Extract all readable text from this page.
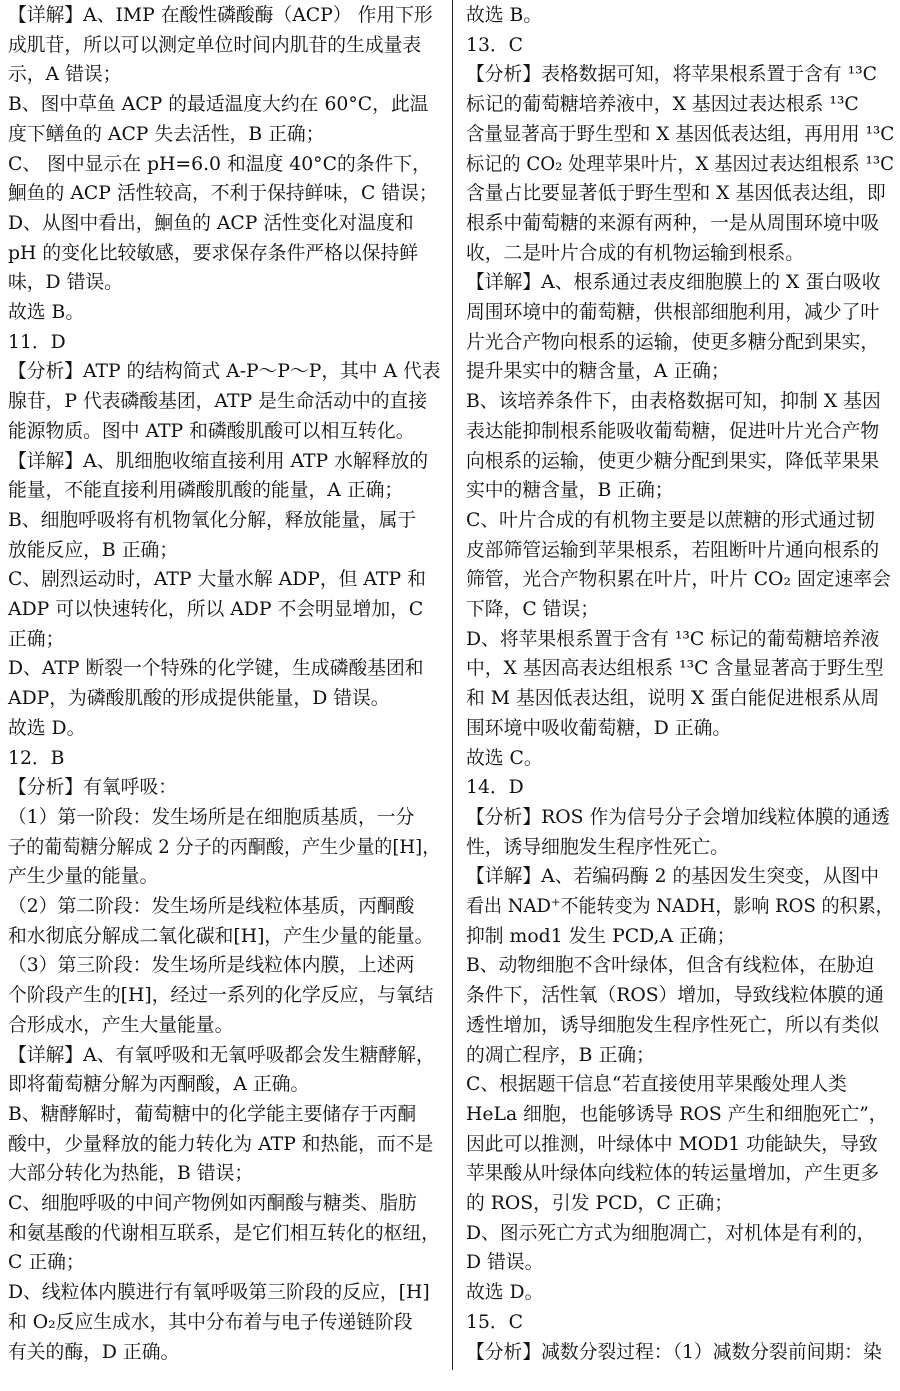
【详解】A、IMP 在酸性磷酸酶（ACP） 作用下形
成肌苷，所以可以测定单位时间内肌苷的生成量表
示，A 错误；
B、图中草鱼 ACP 的最适温度大约在 60°C，此温
度下鳝鱼的 ACP 失去活性，B 正确；
C、 图中显示在 pH=6.0 和温度 40°C的条件下，
鮰鱼的 ACP 活性较高，不利于保持鲜味，C 错误；
D、从图中看出，鮰鱼的 ACP 活性变化对温度和
pH 的变化比较敏感，要求保存条件严格以保持鲜
味，D 错误。
故选 B。
11．D
【分析】ATP 的结构简式 A-P～P～P，其中 A 代表
腺苷，P 代表磷酸基团，ATP 是生命活动中的直接
能源物质。图中 ATP 和磷酸肌酸可以相互转化。
【详解】A、肌细胞收缩直接利用 ATP 水解释放的
能量，不能直接利用磷酸肌酸的能量，A 正确；
B、细胞呼吸将有机物氧化分解，释放能量，属于
放能反应，B 正确；
C、剧烈运动时，ATP 大量水解 ADP，但 ATP 和
ADP 可以快速转化，所以 ADP 不会明显增加，C
正确；
D、ATP 断裂一个特殊的化学键，生成磷酸基团和
ADP，为磷酸肌酸的形成提供能量，D 错误。
故选 D。
12．B
【分析】有氧呼吸：
（1）第一阶段：发生场所是在细胞质基质，一分
子的葡萄糖分解成 2 分子的丙酮酸，产生少量的[H]，
产生少量的能量。
（2）第二阶段：发生场所是线粒体基质，丙酮酸
和水彻底分解成二氧化碳和[H]，产生少量的能量。
（3）第三阶段：发生场所是线粒体内膜，上述两
个阶段产生的[H]，经过一系列的化学反应，与氧结
合形成水，产生大量能量。
【详解】A、有氧呼吸和无氧呼吸都会发生糖酵解，
即将葡萄糖分解为丙酮酸，A 正确。
B、糖酵解时，葡萄糖中的化学能主要储存于丙酮
酸中，少量释放的能力转化为 ATP 和热能，而不是
大部分转化为热能，B 错误；
C、细胞呼吸的中间产物例如丙酮酸与糖类、脂肪
和氨基酸的代谢相互联系，是它们相互转化的枢纽，
C 正确；
D、线粒体内膜进行有氧呼吸第三阶段的反应，[H]
和 O₂反应生成水，其中分布着与电子传递链阶段
有关的酶，D 正确。
故选 B。
13．C
【分析】表格数据可知，将苹果根系置于含有 ¹³C
标记的葡萄糖培养液中，X 基因过表达根系 ¹³C
含量显著高于野生型和 X 基因低表达组，再用用 ¹³C
标记的 CO₂ 处理苹果叶片，X 基因过表达组根系 ¹³C
含量占比要显著低于野生型和 X 基因低表达组，即
根系中葡萄糖的来源有两种，一是从周围环境中吸
收，二是叶片合成的有机物运输到根系。
【详解】A、根系通过表皮细胞膜上的 X 蛋白吸收
周围环境中的葡萄糖，供根部细胞利用，减少了叶
片光合产物向根系的运输，使更多糖分配到果实，
提升果实中的糖含量，A 正确；
B、该培养条件下，由表格数据可知，抑制 X 基因
表达能抑制根系能吸收葡萄糖，促进叶片光合产物
向根系的运输，使更少糖分配到果实，降低苹果果
实中的糖含量，B 正确；
C、叶片合成的有机物主要是以蔗糖的形式通过韧
皮部筛管运输到苹果根系，若阻断叶片通向根系的
筛管，光合产物积累在叶片，叶片 CO₂ 固定速率会
下降，C 错误；
D、将苹果根系置于含有 ¹³C 标记的葡萄糖培养液
中，X 基因高表达组根系 ¹³C 含量显著高于野生型
和 M 基因低表达组，说明 X 蛋白能促进根系从周
围环境中吸收葡萄糖，D 正确。
故选 C。
14．D
【分析】ROS 作为信号分子会增加线粒体膜的通透
性，诱导细胞发生程序性死亡。
【详解】A、若编码酶 2 的基因发生突变，从图中
看出 NAD⁺不能转变为 NADH，影响 ROS 的积累，
抑制 mod1 发生 PCD,A 正确；
B、动物细胞不含叶绿体，但含有线粒体，在胁迫
条件下，活性氧（ROS）增加，导致线粒体膜的通
透性增加，诱导细胞发生程序性死亡，所以有类似
的凋亡程序，B 正确；
C、根据题干信息“若直接使用苹果酸处理人类
HeLa 细胞，也能够诱导 ROS 产生和细胞死亡”，
因此可以推测，叶绿体中 MOD1 功能缺失，导致
苹果酸从叶绿体向线粒体的转运量增加，产生更多
的 ROS，引发 PCD，C 正确；
D、图示死亡方式为细胞凋亡，对机体是有利的，
D 错误。
故选 D。
15．C
【分析】减数分裂过程：（1）减数分裂前间期：染
